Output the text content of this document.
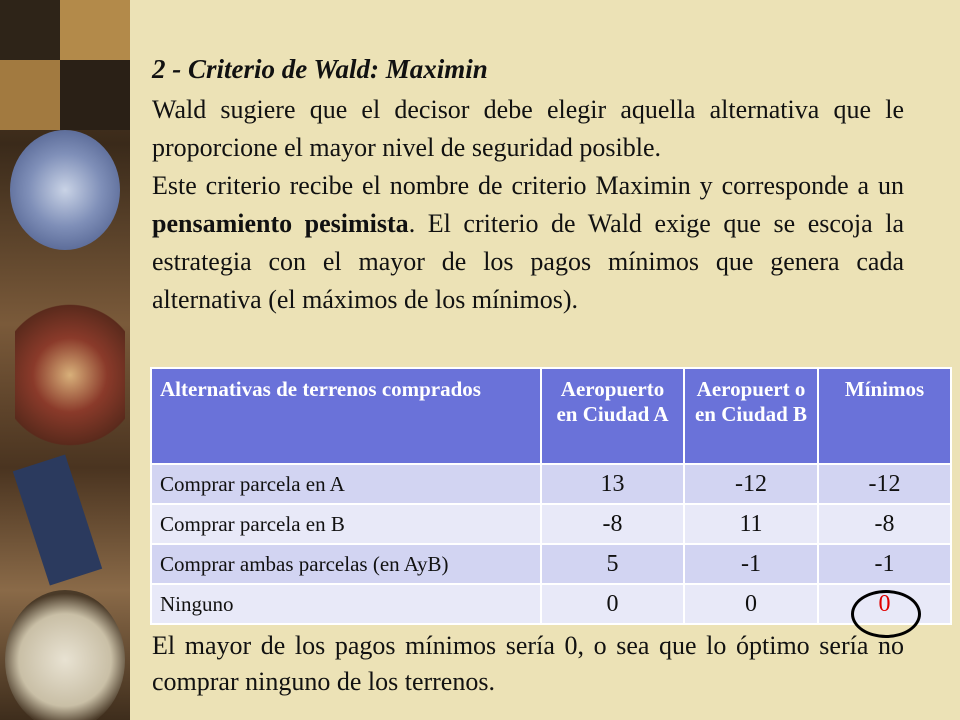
2 - Criterio de Wald: Maximin

Wald sugiere que el decisor debe elegir aquella alternativa que le proporcione el mayor nivel de seguridad posible.

Este criterio recibe el nombre de criterio Maximin y corresponde a un pensamiento pesimista. El criterio de Wald exige que se escoja la estrategia con el mayor de los pagos mínimos que genera cada alternativa (el máximos de los mínimos).

Alternativas de terrenos comprados	Aeropuerto en Ciudad A	Aeropuert o en Ciudad B	Mínimos
Comprar parcela en A	13	-12	-12
Comprar parcela en B	-8	11	-8
Comprar ambas parcelas (en AyB)	5	-1	-1
Ninguno	0	0	0

El mayor de los pagos mínimos sería 0, o sea que lo óptimo sería no comprar ninguno de los terrenos.
